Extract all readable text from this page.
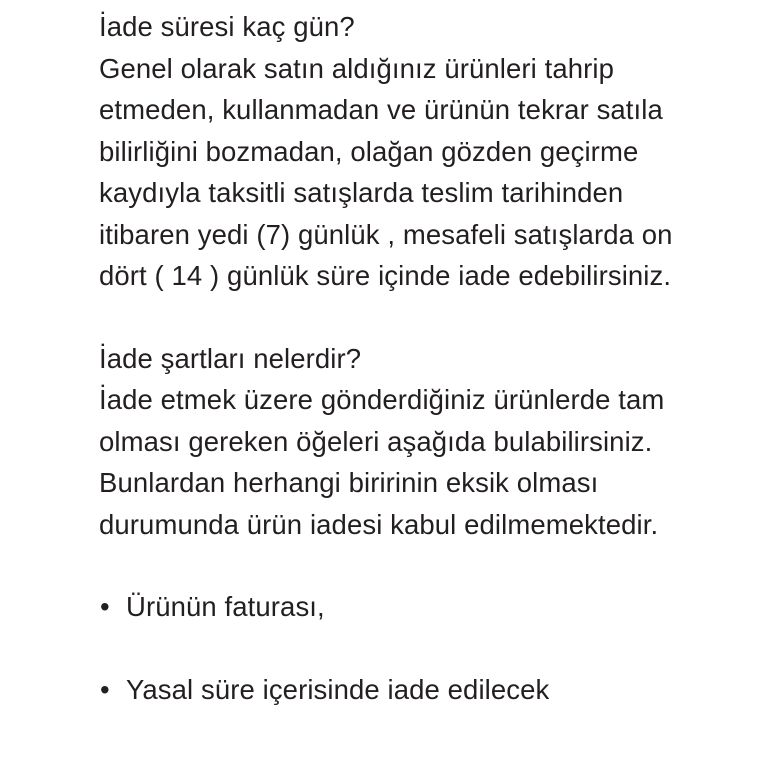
İade süresi kaç gün?

Genel olarak satın aldığınız ürünleri tahrip etmeden, kullanmadan ve ürünün tekrar satıla bilirliğini bozmadan, olağan gözden geçirme kaydıyla taksitli satışlarda teslim tarihinden itibaren yedi (7) günlük , mesafeli satışlarda on dört ( 14 ) günlük süre içinde iade edebilirsiniz.

İade şartları nelerdir?

İade etmek üzere gönderdiğiniz ürünlerde tam olması gereken öğeleri aşağıda bulabilirsiniz. Bunlardan herhangi biririnin eksik olması durumunda ürün iadesi kabul edilmemektedir.

• Ürünün faturası,
• Yasal süre içerisinde iade edilecek
